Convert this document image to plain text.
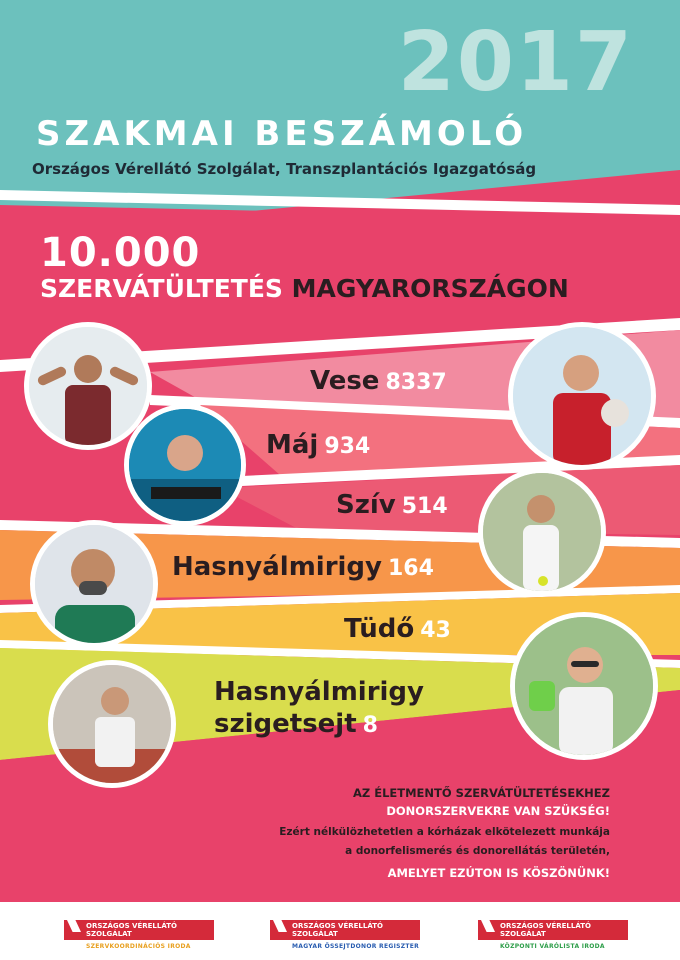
2017
SZAKMAI BESZÁMOLÓ
Országos Vérellátó Szolgálat, Transzplantációs Igazgatóság
10.000
SZERVÁTÜLTETÉS MAGYARORSZÁGON
Vese 8337
Máj 934
Szív 514
Hasnyálmirigy 164
Tüdő 43
Hasnyálmirigy
szigetsejt 8
AZ ÉLETMENTŐ SZERVÁTÜLTETÉSEKHEZ
DONORSZERVEKRE VAN SZÜKSÉG!
Ezért nélkülözhetetlen a kórházak elkötelezett munkája
a donorfelismerés és donorellátás területén,
AMELYET EZÚTON IS KÖSZÖNÜNK!
ORSZÁGOS VÉRELLÁTÓ SZOLGÁLAT
SZERVKOORDINÁCIÓS IRODA
ORSZÁGOS VÉRELLÁTÓ SZOLGÁLAT
MAGYAR ŐSSEJTDONOR REGISZTER
ORSZÁGOS VÉRELLÁTÓ SZOLGÁLAT
KÖZPONTI VÁRÓLISTA IRODA
